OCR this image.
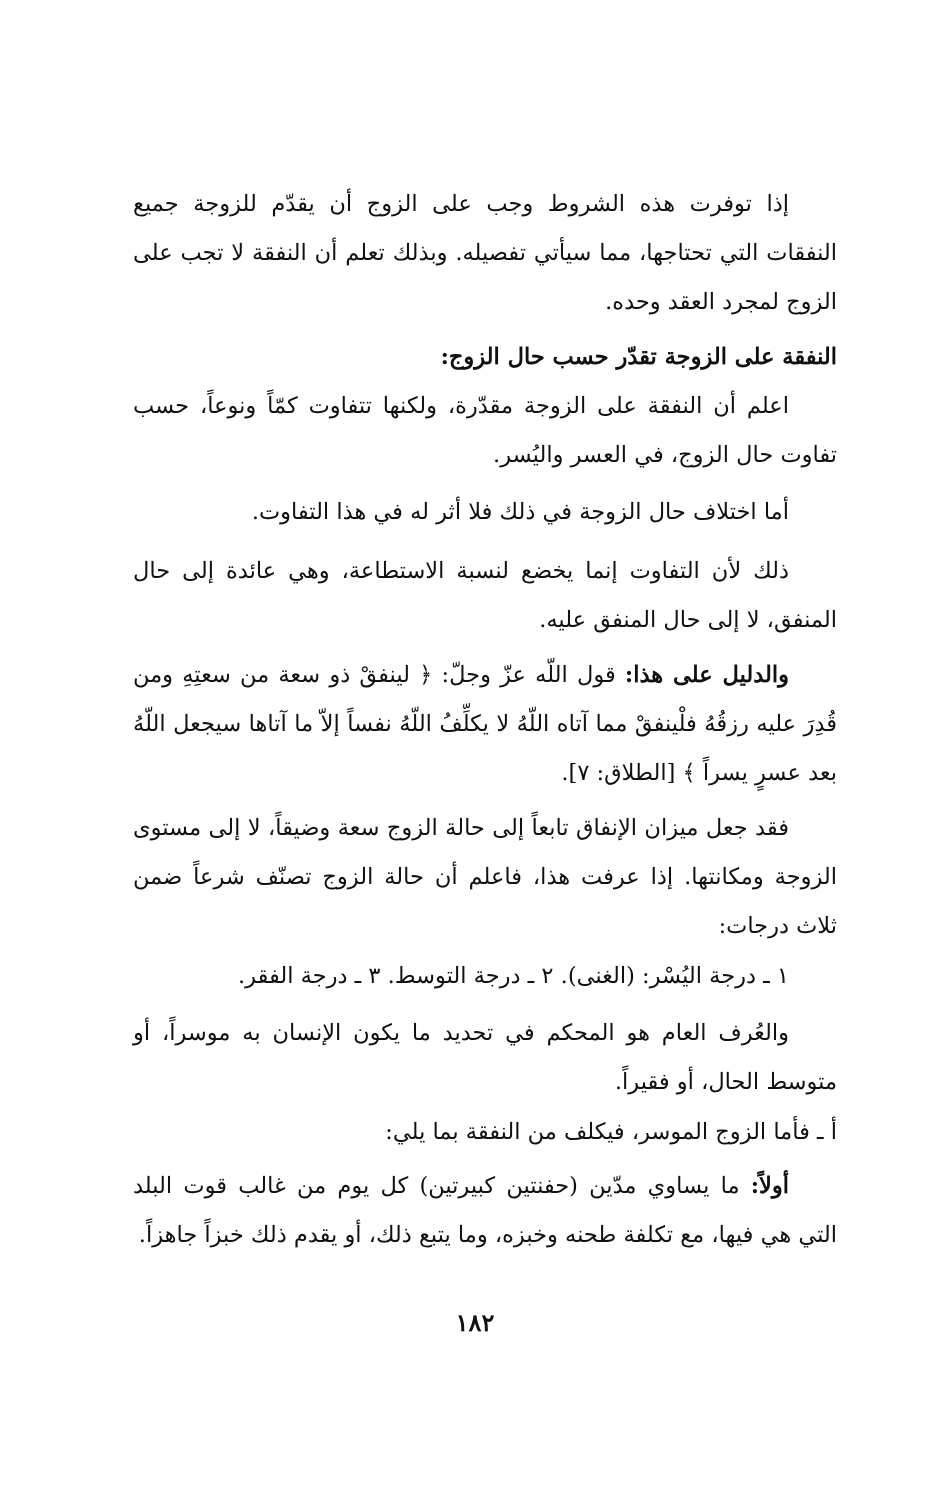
إذا توفرت هذه الشروط وجب على الزوج أن يقدّم للزوجة جميع النفقات التي تحتاجها، مما سيأتي تفصيله. وبذلك تعلم أن النفقة لا تجب على الزوج لمجرد العقد وحده.

النفقة على الزوجة تقدّر حسب حال الزوج:

اعلم أن النفقة على الزوجة مقدّرة، ولكنها تتفاوت كمّاً ونوعاً، حسب تفاوت حال الزوج، في العسر واليُسر.

أما اختلاف حال الزوجة في ذلك فلا أثر له في هذا التفاوت.

ذلك لأن التفاوت إنما يخضع لنسبة الاستطاعة، وهي عائدة إلى حال المنفق، لا إلى حال المنفق عليه.

والدليل على هذا: قول اللّه عزّ وجلّ: ﴿ لينفقْ ذو سعة من سعتِهِ ومن قُدِرَ عليه رزقُهُ فلْينفقْ مما آتاه اللّهُ لا يكلِّفُ اللّهُ نفساً إلاّ ما آتاها سيجعل اللّهُ بعد عسرٍ يسراً ﴾ [الطلاق: ٧].

فقد جعل ميزان الإنفاق تابعاً إلى حالة الزوج سعة وضيقاً، لا إلى مستوى الزوجة ومكانتها. إذا عرفت هذا، فاعلم أن حالة الزوج تصنّف شرعاً ضمن ثلاث درجات:

١ ـ درجة اليُسْر: (الغنى). ٢ ـ درجة التوسط. ٣ ـ درجة الفقر.

والعُرف العام هو المحكم في تحديد ما يكون الإنسان به موسراً، أو متوسط الحال، أو فقيراً.

أ ـ فأما الزوج الموسر، فيكلف من النفقة بما يلي:

أولاً: ما يساوي مدّين (حفنتين كبيرتين) كل يوم من غالب قوت البلد التي هي فيها، مع تكلفة طحنه وخبزه، وما يتبع ذلك، أو يقدم ذلك خبزاً جاهزاً.

١٨٢
